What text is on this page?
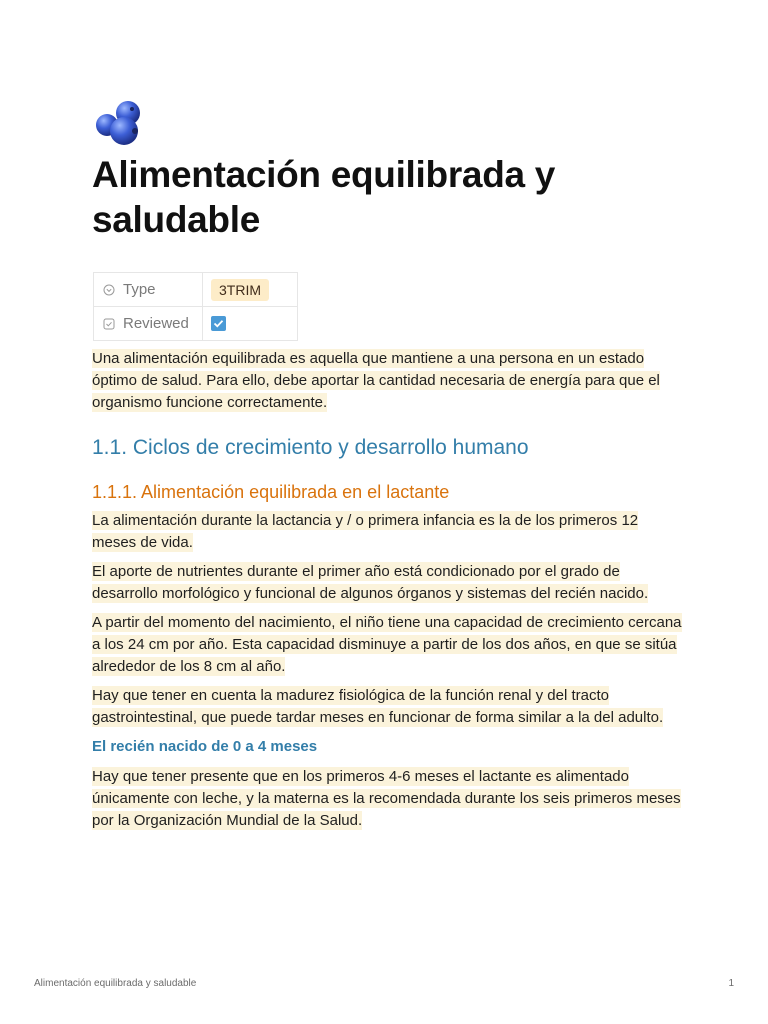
Alimentación equilibrada y saludable
Type	3TRIM

Reviewed

Una alimentación equilibrada es aquella que mantiene a una persona en un estado óptimo de salud. Para ello, debe aportar la cantidad necesaria de energía para que el organismo funcione correctamente.

1.1. Ciclos de crecimiento y desarrollo humano
1.1.1. Alimentación equilibrada en el lactante

La alimentación durante la lactancia y / o primera infancia es la de los primeros 12 meses de vida.

El aporte de nutrientes durante el primer año está condicionado por el grado de desarrollo morfológico y funcional de algunos órganos y sistemas del recién nacido.

A partir del momento del nacimiento, el niño tiene una capacidad de crecimiento cercana a los 24 cm por año. Esta capacidad disminuye a partir de los dos años, en que se sitúa alrededor de los 8 cm al año.

Hay que tener en cuenta la madurez fisiológica de la función renal y del tracto gastrointestinal, que puede tardar meses en funcionar de forma similar a la del adulto.

El recién nacido de 0 a 4 meses

Hay que tener presente que en los primeros 4-6 meses el lactante es alimentado únicamente con leche, y la materna es la recomendada durante los seis primeros meses por la Organización Mundial de la Salud.

Alimentación equilibrada y saludable	1
